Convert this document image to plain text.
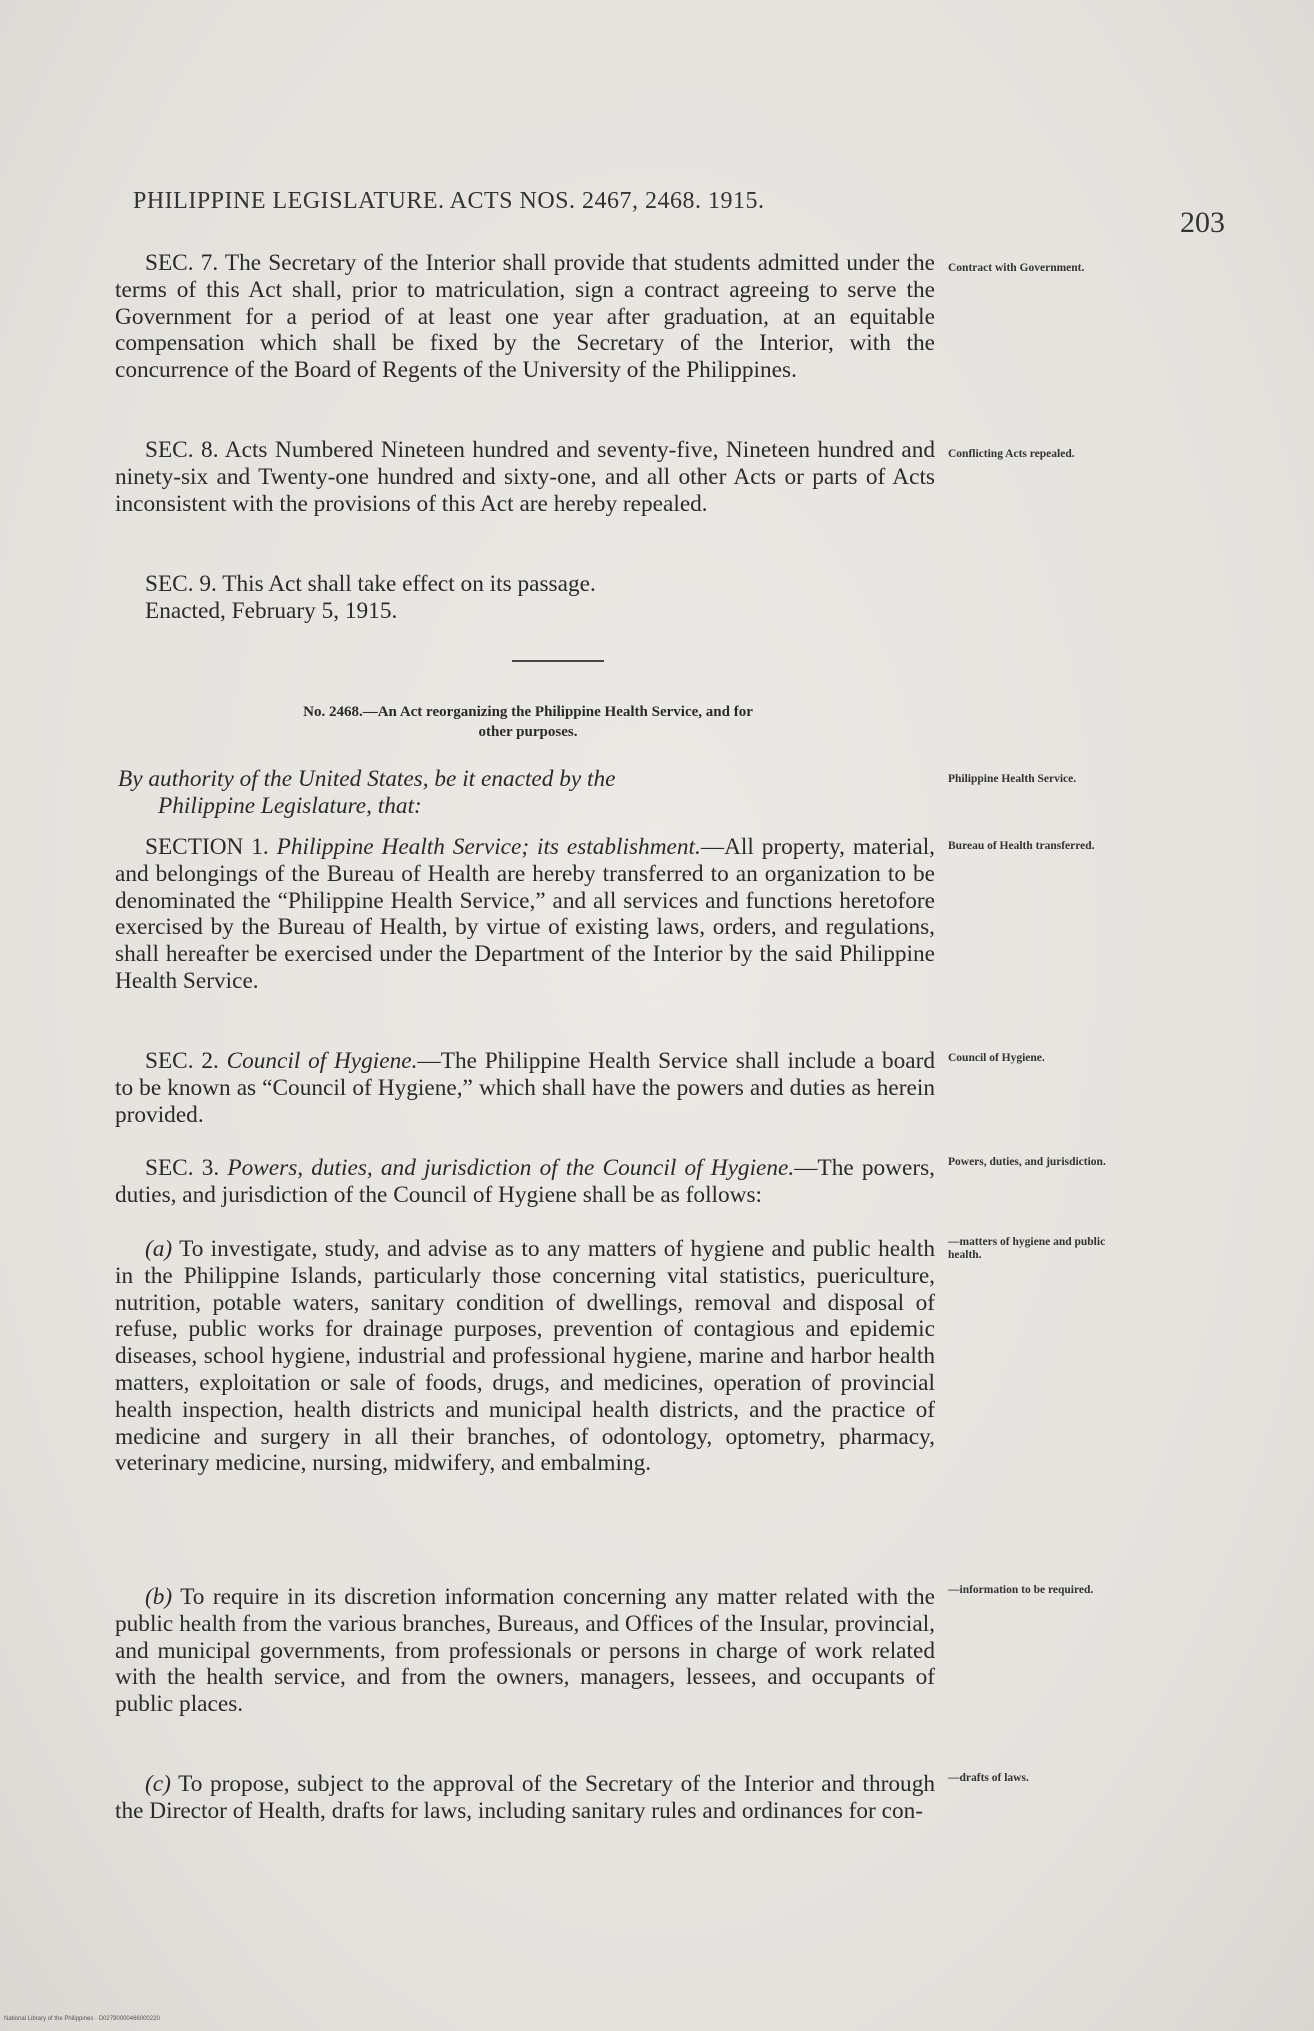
PHILIPPINE LEGISLATURE. ACTS NOS. 2467, 2468. 1915.
203

SEC. 7. The Secretary of the Interior shall provide that students admitted under the terms of this Act shall, prior to matriculation, sign a contract agreeing to serve the Government for a period of at least one year after graduation, at an equitable compensation which shall be fixed by the Secretary of the Interior, with the concurrence of the Board of Regents of the University of the Philippines.

Contract with Government.

SEC. 8. Acts Numbered Nineteen hundred and seventy-five, Nineteen hundred and ninety-six and Twenty-one hundred and sixty-one, and all other Acts or parts of Acts inconsistent with the provisions of this Act are hereby repealed.

Conflicting Acts repealed.

SEC. 9. This Act shall take effect on its passage.

Enacted, February 5, 1915.

No. 2468.—An Act reorganizing the Philippine Health Service, and for
other purposes.
By authority of the United States, be it enacted by the
Philippine Legislature, that:
Philippine Health Service.

SECTION 1. Philippine Health Service; its establishment.—All property, material, and belongings of the Bureau of Health are hereby transferred to an organization to be denominated the “Philippine Health Service,” and all services and functions heretofore exercised by the Bureau of Health, by virtue of existing laws, orders, and regulations, shall hereafter be exercised under the Department of the Interior by the said Philippine Health Service.

Bureau of Health transferred.

SEC. 2. Council of Hygiene.—The Philippine Health Service shall include a board to be known as “Council of Hygiene,” which shall have the powers and duties as herein provided.

Council of Hygiene.

SEC. 3. Powers, duties, and jurisdiction of the Council of Hygiene.—The powers, duties, and jurisdiction of the Council of Hygiene shall be as follows:

Powers, duties, and jurisdiction.

(a) To investigate, study, and advise as to any matters of hygiene and public health in the Philippine Islands, particularly those concerning vital statistics, puericulture, nutrition, potable waters, sanitary condition of dwellings, removal and disposal of refuse, public works for drainage purposes, prevention of contagious and epidemic diseases, school hygiene, industrial and professional hygiene, marine and harbor health matters, exploitation or sale of foods, drugs, and medicines, operation of provincial health inspection, health districts and municipal health districts, and the practice of medicine and surgery in all their branches, of odontology, optometry, pharmacy, veterinary medicine, nursing, midwifery, and embalming.

—matters of hygiene and public health.

(b) To require in its discretion information concerning any matter related with the public health from the various branches, Bureaus, and Offices of the Insular, provincial, and municipal governments, from professionals or persons in charge of work related with the health service, and from the owners, managers, lessees, and occupants of public places.

—information to be required.

(c) To propose, subject to the approval of the Secretary of the Interior and through the Director of Health, drafts for laws, including sanitary rules and ordinances for con-

—drafts of laws.
National Library of the Philippines · D02790000466000220
